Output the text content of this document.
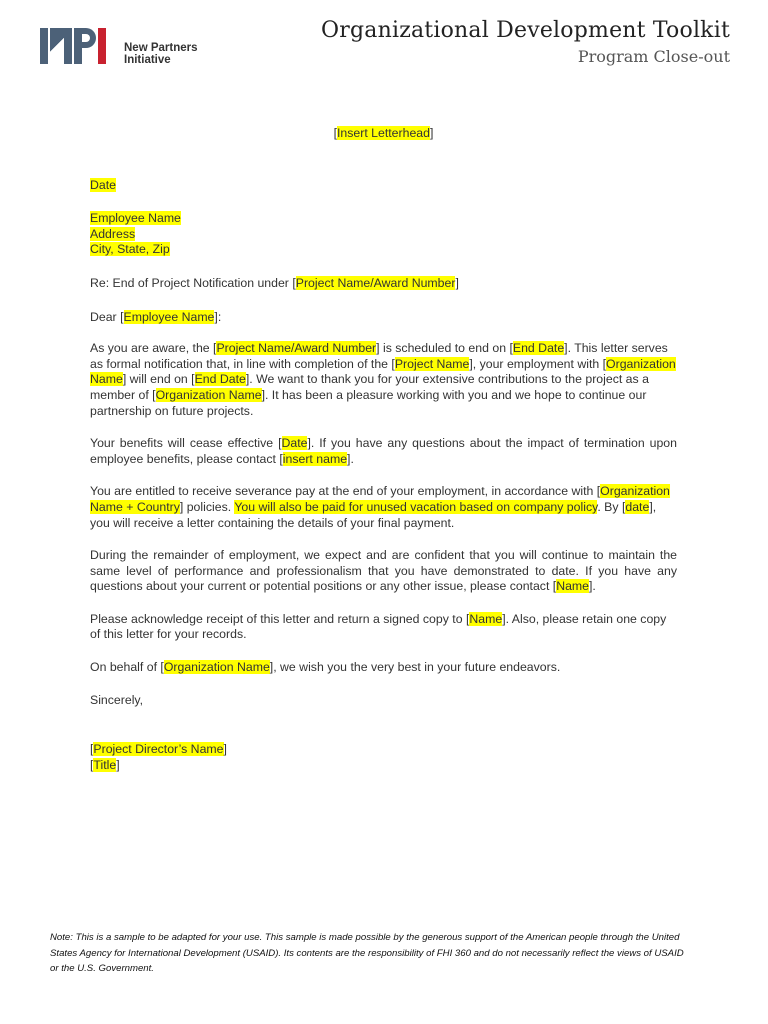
New Partners
Initiative
Organizational Development Toolkit
Program Close-out

[Insert Letterhead]

Date

Employee Name
Address
City, State, Zip

Re: End of Project Notification under [Project Name/Award Number]

Dear [Employee Name]:

As you are aware, the [Project Name/Award Number] is scheduled to end on [End Date]. This letter serves as formal notification that, in line with completion of the [Project Name], your employment with [Organization Name] will end on [End Date]. We want to thank you for your extensive contributions to the project as a member of [Organization Name]. It has been a pleasure working with you and we hope to continue our partnership on future projects.

Your benefits will cease effective [Date]. If you have any questions about the impact of termination upon employee benefits, please contact [insert name].

You are entitled to receive severance pay at the end of your employment, in accordance with [Organization Name + Country] policies. You will also be paid for unused vacation based on company policy. By [date], you will receive a letter containing the details of your final payment.

During the remainder of employment, we expect and are confident that you will continue to maintain the same level of performance and professionalism that you have demonstrated to date. If you have any questions about your current or potential positions or any other issue, please contact [Name].

Please acknowledge receipt of this letter and return a signed copy to [Name]. Also, please retain one copy of this letter for your records.

On behalf of [Organization Name], we wish you the very best in your future endeavors.

Sincerely,

[Project Director’s Name]
[Title]
Note: This is a sample to be adapted for your use. This sample is made possible by the generous support of the American people through the United States Agency for International Development (USAID). Its contents are the responsibility of FHI 360 and do not necessarily reflect the views of USAID or the U.S. Government.
